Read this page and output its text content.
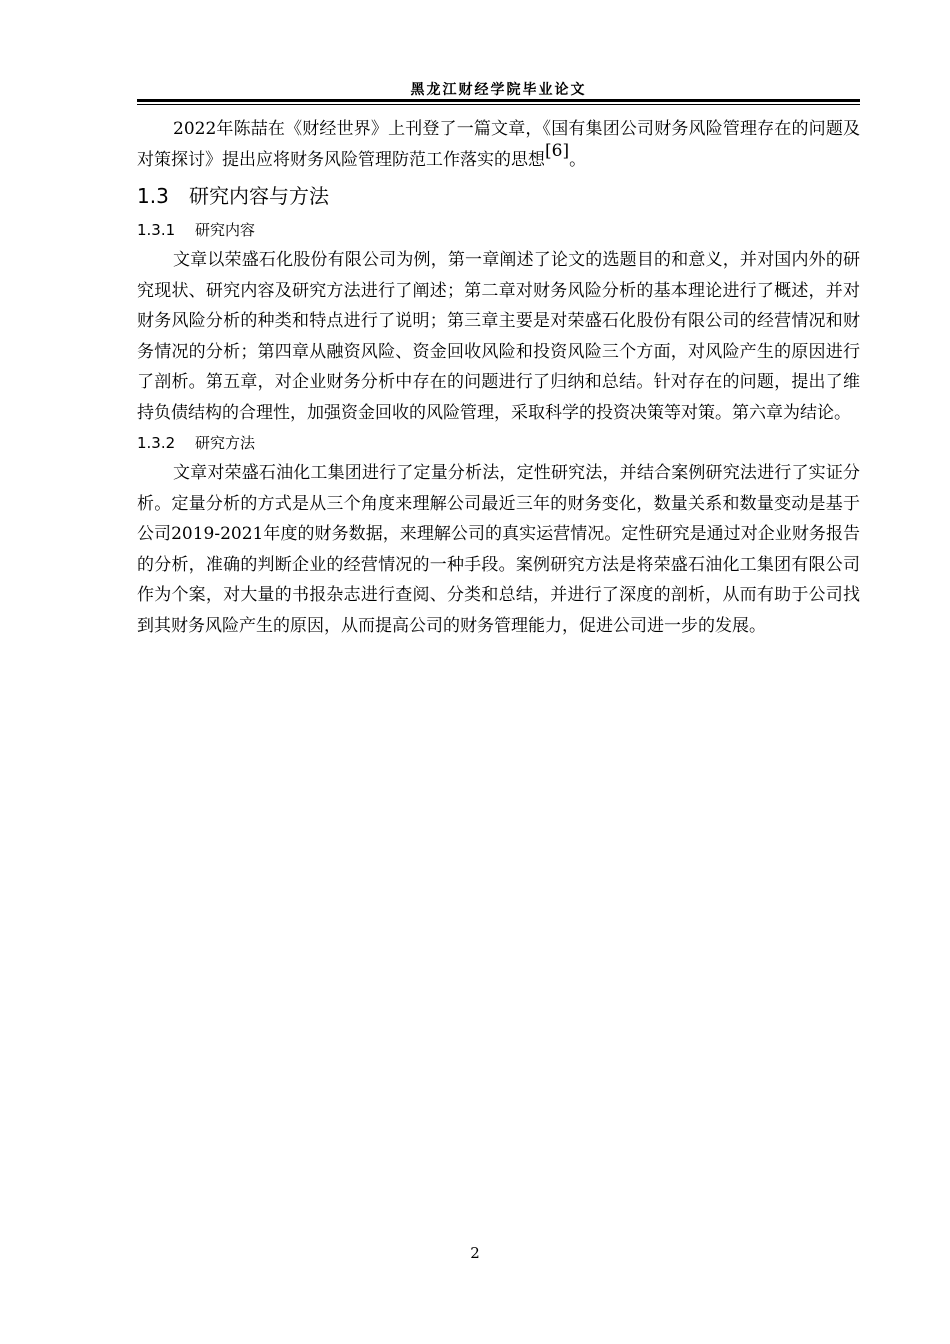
黑龙江财经学院毕业论文

2022年陈喆在《财经世界》上刊登了一篇文章，《国有集团公司财务风险管理存在的问题及对策探讨》提出应将财务风险管理防范工作落实的思想[6]。

1.3 研究内容与方法
1.3.1 研究内容

文章以荣盛石化股份有限公司为例，第一章阐述了论文的选题目的和意义，并对国内外的研究现状、研究内容及研究方法进行了阐述；第二章对财务风险分析的基本理论进行了概述，并对财务风险分析的种类和特点进行了说明；第三章主要是对荣盛石化股份有限公司的经营情况和财务情况的分析；第四章从融资风险、资金回收风险和投资风险三个方面，对风险产生的原因进行了剖析。第五章，对企业财务分析中存在的问题进行了归纳和总结。针对存在的问题，提出了维持负债结构的合理性，加强资金回收的风险管理，采取科学的投资决策等对策。第六章为结论。

1.3.2 研究方法

文章对荣盛石油化工集团进行了定量分析法，定性研究法，并结合案例研究法进行了实证分析。定量分析的方式是从三个角度来理解公司最近三年的财务变化，数量关系和数量变动是基于公司2019-2021年度的财务数据，来理解公司的真实运营情况。定性研究是通过对企业财务报告的分析，准确的判断企业的经营情况的一种手段。案例研究方法是将荣盛石油化工集团有限公司作为个案，对大量的书报杂志进行查阅、分类和总结，并进行了深度的剖析，从而有助于公司找到其财务风险产生的原因，从而提高公司的财务管理能力，促进公司进一步的发展。

2
